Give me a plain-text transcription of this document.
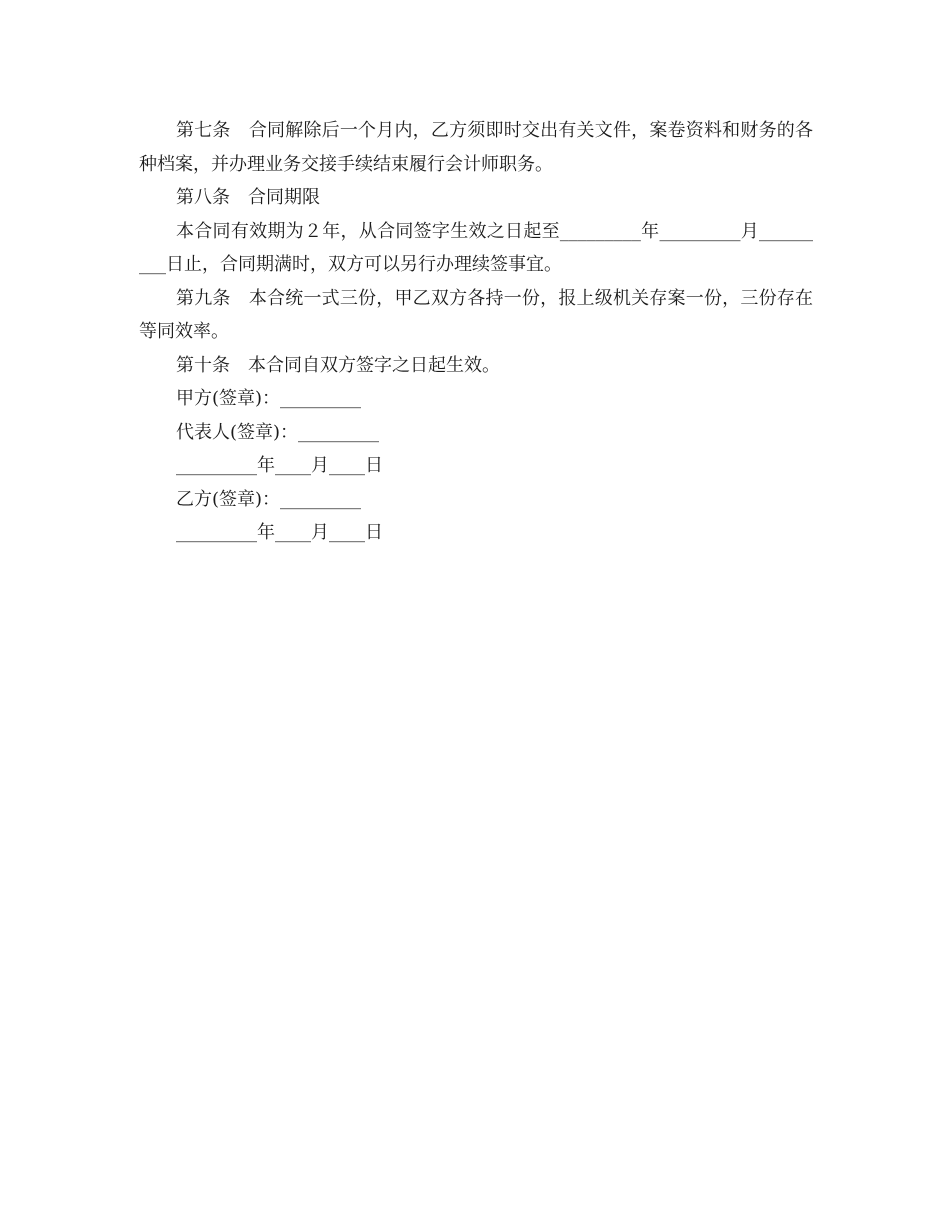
第七条　合同解除后一个月内，乙方须即时交出有关文件，案卷资料和财务的各种档案，并办理业务交接手续结束履行会计师职务。

第八条　合同期限

本合同有效期为２年，从合同签字生效之日起至_________年_________月_________日止，合同期满时，双方可以另行办理续签事宜。

第九条　本合统一式三份，甲乙双方各持一份，报上级机关存案一份，三份存在等同效率。

第十条　本合同自双方签字之日起生效。

甲方(签章)：_________

代表人(签章)：_________

_________年____月____日

乙方(签章)：_________

_________年____月____日
